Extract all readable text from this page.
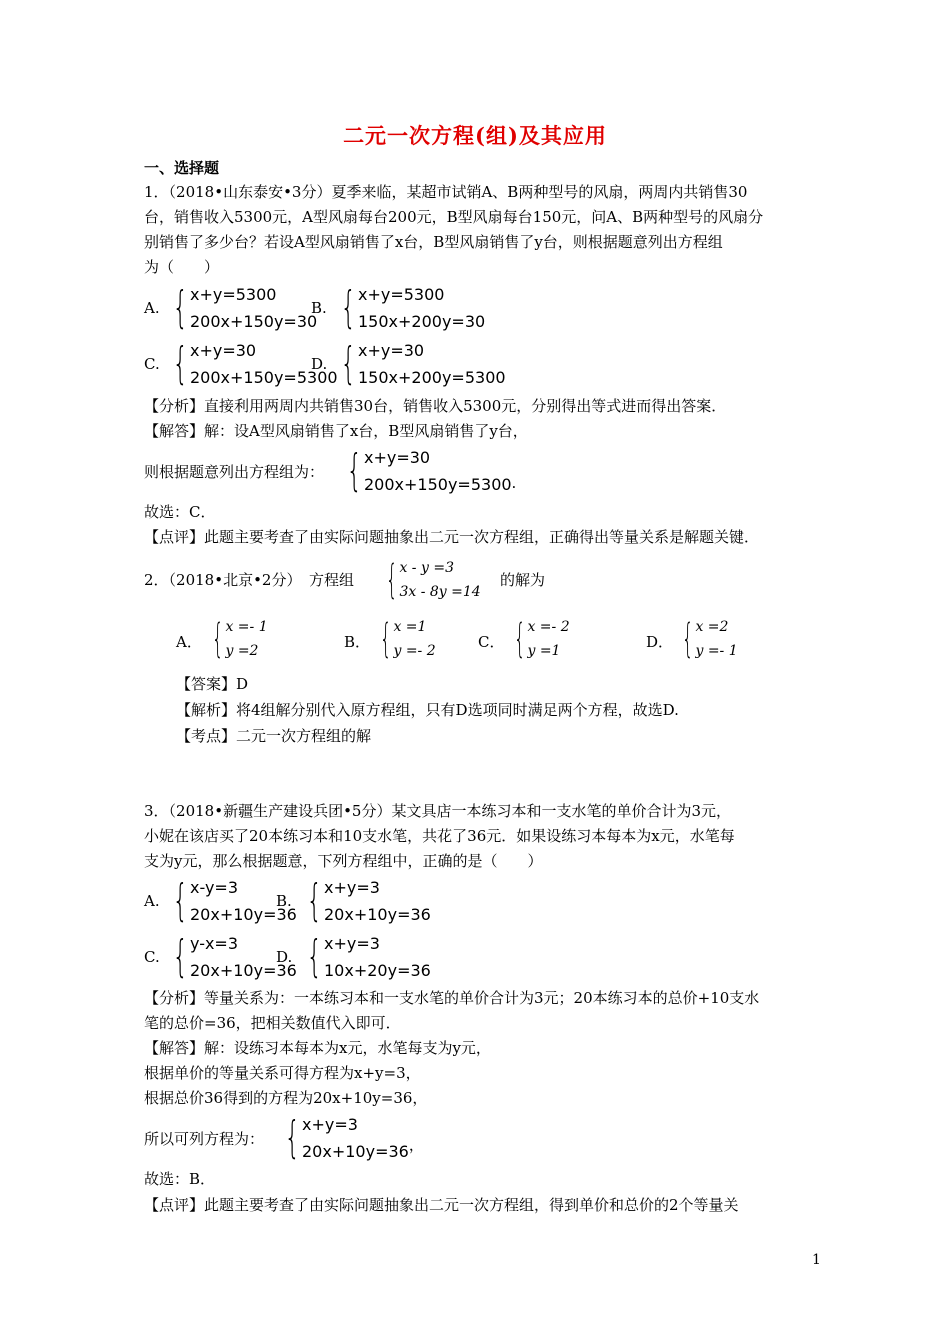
二元一次方程(组)及其应用
一、选择题
1．（2018•山东泰安•3分）夏季来临，某超市试销A、B两种型号的风扇，两周内共销售30
台，销售收入5300元，A型风扇每台200元，B型风扇每台150元，问A、B两种型号的风扇分
别销售了多少台？若设A型风扇销售了x台，B型风扇销售了y台，则根据题意列出方程组
为（　　）
A. { x+y=5300
200x+150y=30
B. { x+y=5300
150x+200y=30
C. { x+y=30
200x+150y=5300
D. { x+y=30
150x+200y=5300
【分析】直接利用两周内共销售30台，销售收入5300元，分别得出等式进而得出答案．
【解答】解：设A型风扇销售了x台，B型风扇销售了y台，
则根据题意列出方程组为： { x+y=30
200x+150y=5300 .
故选：C．
【点评】此题主要考查了由实际问题抽象出二元一次方程组，正确得出等量关系是解题关键．
2．（2018•北京•2分）　方程组 { x - y =3
3x - 8y =14
的解为
A． { x =- 1
y =2	B． { x =1
y =- 2	C． { x =- 2
y =1	D． { x =2
y =- 1
【答案】D
【解析】将4组解分别代入原方程组，只有D选项同时满足两个方程，故选D.
【考点】二元一次方程组的解
3．（2018•新疆生产建设兵团•5分）某文具店一本练习本和一支水笔的单价合计为3元，
小妮在该店买了20本练习本和10支水笔，共花了36元．如果设练习本每本为x元，水笔每
支为y元，那么根据题意，下列方程组中，正确的是（　　）
A. { x-y=3
20x+10y=36
B. { x+y=3
20x+10y=36
C. { y-x=3
20x+10y=36
D. { x+y=3
10x+20y=36
【分析】等量关系为：一本练习本和一支水笔的单价合计为3元；20本练习本的总价+10支水
笔的总价=36，把相关数值代入即可．
【解答】解：设练习本每本为x元，水笔每支为y元，
根据单价的等量关系可得方程为x+y=3，
根据总价36得到的方程为20x+10y=36，
所以可列方程为： { x+y=3
20x+10y=36 ，
故选：B．
【点评】此题主要考查了由实际问题抽象出二元一次方程组，得到单价和总价的2个等量关
1
